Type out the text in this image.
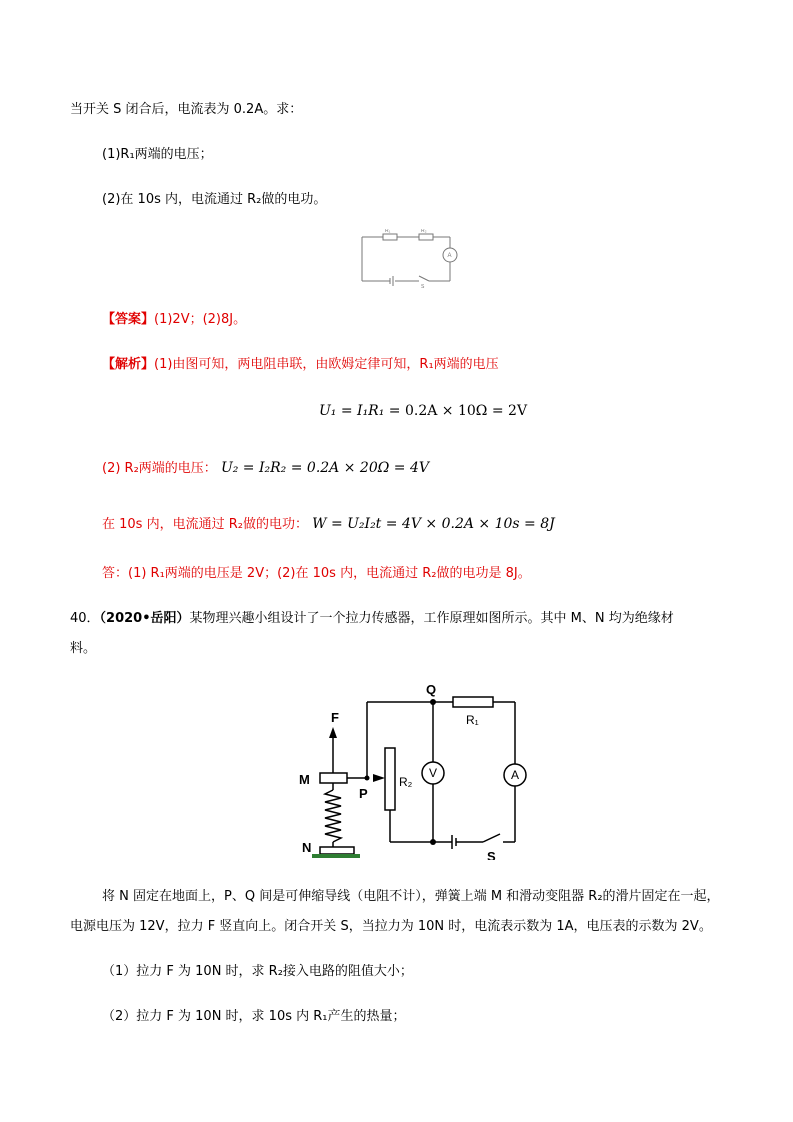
当开关 S 闭合后，电流表为 0.2A。求：
(1)R₁两端的电压；
(2)在 10s 内，电流通过 R₂做的电功。
R₁	R₂
A
S
【答案】(1)2V；(2)8J。
【解析】(1)由图可知，两电阻串联，由欧姆定律可知，R₁两端的电压
U₁ = I₁R₁ = 0.2A × 10Ω = 2V
(2) R₂两端的电压： U₂ = I₂R₂ = 0.2A × 20Ω = 4V
在 10s 内，电流通过 R₂做的电功： W = U₂I₂t = 4V × 0.2A × 10s = 8J
答：(1) R₁两端的电压是 2V；(2)在 10s 内，电流通过 R₂做的电功是 8J。
40．（2020•岳阳）某物理兴趣小组设计了一个拉力传感器，工作原理如图所示。其中 M、N 均为绝缘材
料。
F
M
P
Q
N
S
R₁
R₂
V	A
将 N 固定在地面上，P、Q 间是可伸缩导线（电阻不计），弹簧上端 M 和滑动变阻器 R₂的滑片固定在一起，
电源电压为 12V，拉力 F 竖直向上。闭合开关 S，当拉力为 10N 时，电流表示数为 1A，电压表的示数为 2V。
（1）拉力 F 为 10N 时，求 R₂接入电路的阻值大小；
（2）拉力 F 为 10N 时，求 10s 内 R₁产生的热量；
